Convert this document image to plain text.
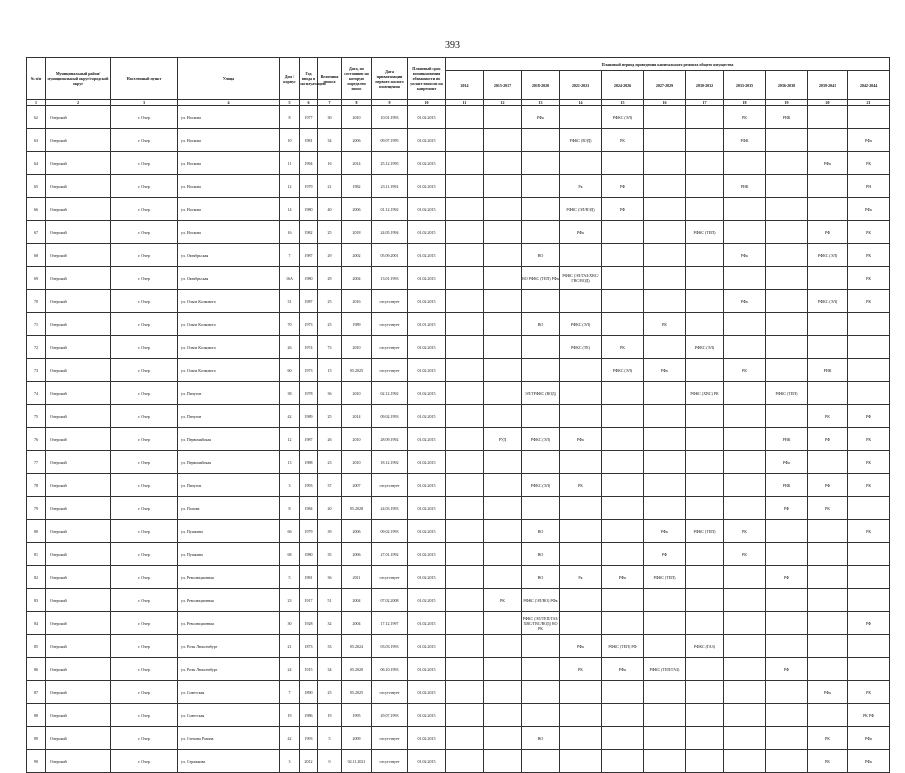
393
№ п/п	Муниципальный район/ муниципальный округ/городской округ	Населенный пункт	Улица	Дом / корпус	Год ввода в эксплуатацию	Величина износа	Дата, по состоянию на которую определен износ	Дата приватизации первого жилого помещения	Плановый срок возникновения обязанности по уплате взносов на капремонт	Плановый период проведения капитального ремонта общего имущества										
										2014	2015-2017	2018-2020	2021-2023	2024-2026	2027-2029	2030-2032	2033-2035	2036-2038	2039-2041	2042-2044
1	2	3	4	5	6	7	8	9	10	11	12	13	14	15	16	17	18	19	20	21
62	Очерский	г. Очер	ул. Носкова	8	1977	30	2010	10.01.1993	01.02.2015			РФк		РФКС (ЭЛ)			РК	РНК		
63	Очерский	г. Очер	ул. Носкова	10	1981	34	2006	09.07.1995	01.02.2015				РФКС (ВЭД)	РК			РФК			РФк
64	Очерский	г. Очер	ул. Носкова	11	1994	16	2014	25.12.1995	01.02.2015										РФк	РК
65	Очерский	г. Очер	ул. Носкова	12	1979	21	1982	23.11.1992	01.02.2015				Рк	РФ			РНК			РН
66	Очерский	г. Очер	ул. Носкова	14	1980	40	2006	01.12.1992	01.02.2015				РФКС (ЭЛ/ВЭД)	РФ						РФк
67	Очерский	г. Очер	ул. Носкова	16	1982	25	2018	24.05.1994	01.02.2015				РФк			РФКС (ТЕП)			РФ	РК
68	Очерский	г. Очер	ул. Октябрьская	7	1987	29	2002	05.09.2001	01.02.2015			ВО					РФк		РФКС (ЭЛ)	РК
69	Очерский	г. Очер	ул. Октябрьская	16А	1980	29	2004	13.01.1993	01.02.2015			ВО РФКС (ТЕП) РФк	РФКС (ЭЛ/ГАЗ/ХВС/ГВС/ВОД)							РК
70	Очерский	г. Очер	ул. Ольги Колкового	31	1987	25	2016	отсутствует	01.02.2015								РФк		РФКС (ЭЛ)	РК
71	Очерский	г. Очер	ул. Ольги Колкового	70	1973	25	1989	отсутствует	01.01.2015			ВО	РФКС (ЭЛ)		РК					
72	Очерский	г. Очер	ул. Ольги Колкового	26	1974	73	2010	отсутствует	01.02.2015				РФКС (ТЕ)	РК		РФКС (ЭЛ)				
73	Очерский	г. Очер	ул. Ольги Колкового	60	1973	15	05.2025	отсутствует	01.02.2015					РФКС (ЭЛ)	РФк		РК		РНК	
74	Очерский	г. Очер	ул. Пичугов	38	1978	36	2010	02.12.1992	01.02.2015			ЭЛ/ТРФКС (ВОД)				РФКС (ХВС) РК		РФКС (ТЕП)		
75	Очерский	г. Очер	ул. Пичугов	42	1989	25	2014	09.02.1993	01.02.2015										РК	РФ
76	Очерский	г. Очер	ул. Первомайская	12	1987	26	2010	28.09.1992	01.02.2015		РУД	РФКС (ЭЛ)	РФк					РНК	РФ	РК
77	Очерский	г. Очер	ул. Первомайская	13	1988	23	2010	18.12.1992	01.02.2015									РФк		РК
78	Очерский	г. Очер	ул. Пичугов	3	1993	37	2007	отсутствует	01.02.2015			РФКС (ЭЛ)	РК					РНК	РФ	РК
79	Очерский	г. Очер	ул. Попова	8	1984	20	05.2028	24.03.1993	01.02.2015									РФ	РК	
80	Очерский	г. Очер	ул. Пушкина	66	1979	39	2006	09.02.1993	01.02.2015			ВО			РФк	РФКС (ТЕП)	РК			РК
81	Очерский	г. Очер	ул. Пушкина	68	1980	35	2006	27.01.1992	01.02.2015			ВО			РФ		РК			
82	Очерский	г. Очер	ул. Революционная	5	1981	36	2011	отсутствует	01.02.2015			ВО	Рк	РФк	РФКС (ТЕП)			РФ		
83	Очерский	г. Очер	ул. Революционная	23	1917	51	2004	07.02.2008	01.02.2015		РК	РФКС (ЭЛ/ВО) РФк								
84	Очерский	г. Очер	ул. Революционная	30	1928	32	2004	17.12.1997	01.02.2015			РФКС (ЭЛ/ТЕП/ГАЗ/ХВС/ГВС/ВОД) ВО РК								РФ
85	Очерский	г. Очер	ул. Розы Люксембург	21	1873	33	05.2024	03.03.1993	01.02.2015				РФк	РФКС (ТЕП) РФ		РФКС (ГАЗ)				
86	Очерский	г. Очер	ул. Розы Люксембург	24	1915	34	05.2020	06.10.1993	01.02.2015				РК	РФк	РФКС (ТЕП/ГАЗ)			РФ		
87	Очерский	г. Очер	ул. Советская	7	1890	25	05.2025	отсутствует	01.02.2015										РФк	РК
88	Очерский	г. Очер	ул. Советская	19	1986	19	1995	29.07.1993	01.02.2015											РК РФ
89	Очерский	г. Очер	ул. Степана Разина	42	1993	5	2009	отсутствует	01.02.2015			ВО							РК	РФк
90	Очерский	г. Очер	ул. Стражкова	3	2012	0	02.11.2021	отсутствует	01.02.2015										РК	РФк
